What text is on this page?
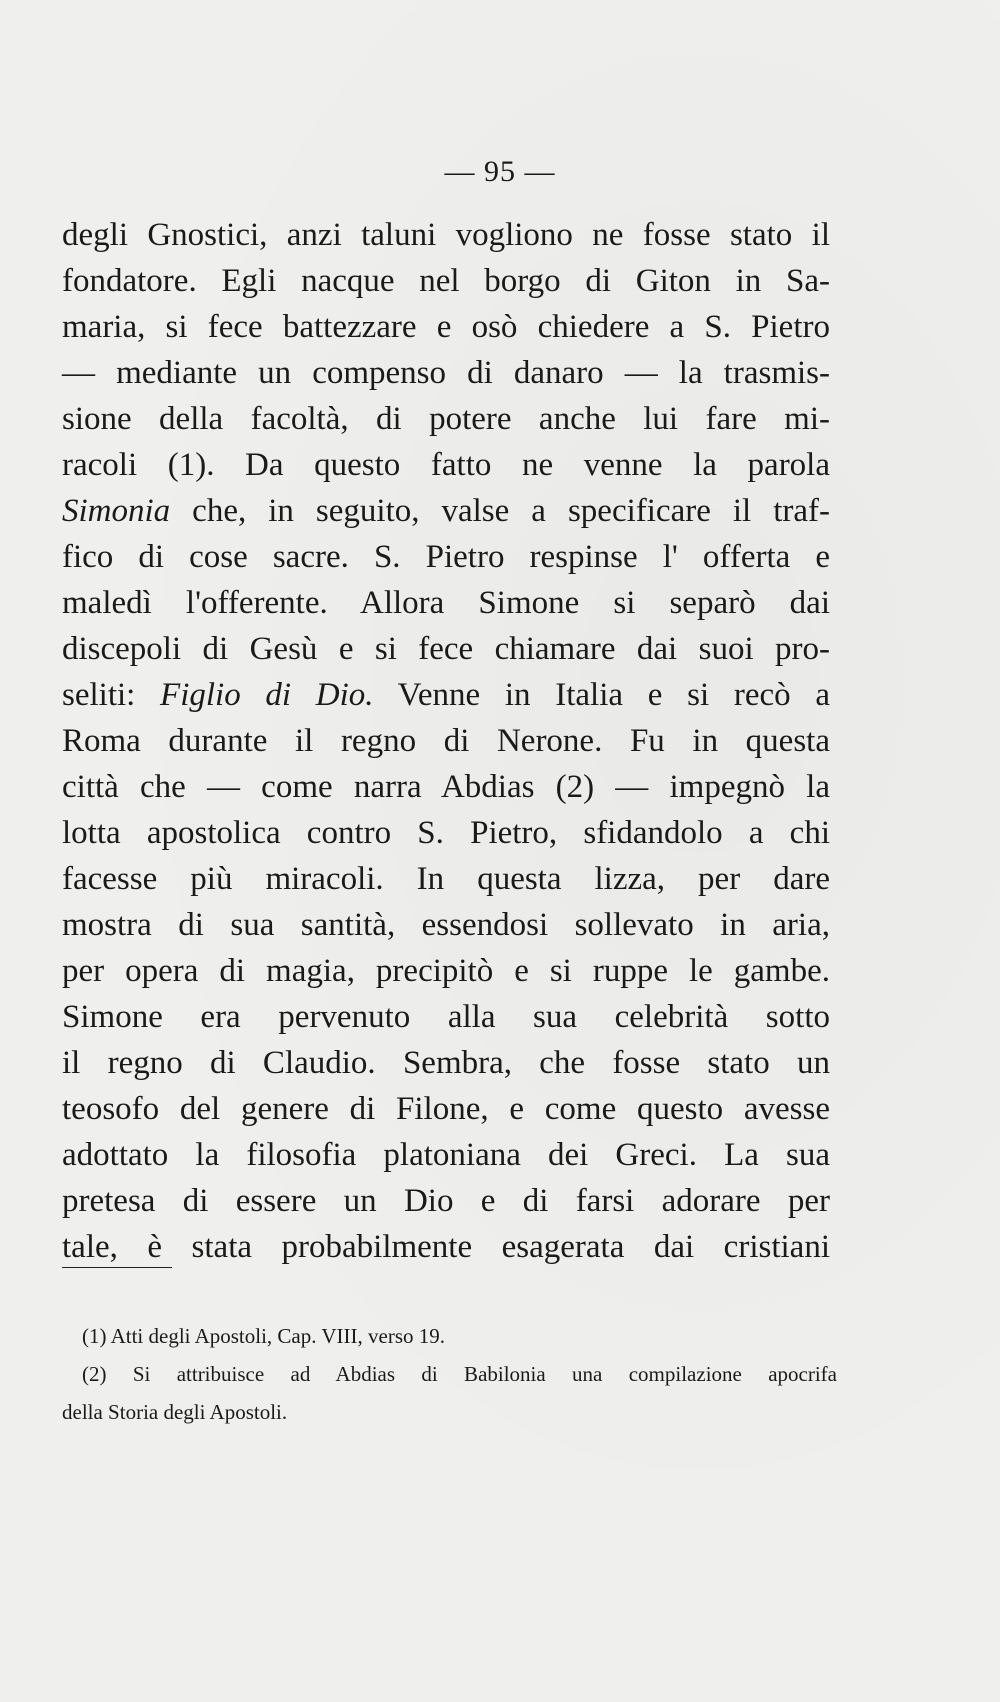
— 95 —
degli Gnostici, anzi taluni vogliono ne fosse stato il
fondatore. Egli nacque nel borgo di Giton in Sa-
maria, si fece battezzare e osò chiedere a S. Pietro
— mediante un compenso di danaro — la trasmis-
sione della facoltà, di potere anche lui fare mi-
racoli (1). Da questo fatto ne venne la parola
Simonia che, in seguito, valse a specificare il traf-
fico di cose sacre. S. Pietro respinse l' offerta e
maledì l'offerente. Allora Simone si separò dai
discepoli di Gesù e si fece chiamare dai suoi pro-
seliti: Figlio di Dio. Venne in Italia e si recò a
Roma durante il regno di Nerone. Fu in questa
città che — come narra Abdias (2) — impegnò la
lotta apostolica contro S. Pietro, sfidandolo a chi
facesse più miracoli. In questa lizza, per dare
mostra di sua santità, essendosi sollevato in aria,
per opera di magia, precipitò e si ruppe le gambe.
Simone era pervenuto alla sua celebrità sotto
il regno di Claudio. Sembra, che fosse stato un
teosofo del genere di Filone, e come questo avesse
adottato la filosofia platoniana dei Greci. La sua
pretesa di essere un Dio e di farsi adorare per
tale, è stata probabilmente esagerata dai cristiani
(1) Atti degli Apostoli, Cap. VIII, verso 19.
(2) Si attribuisce ad Abdias di Babilonia una compilazione apocrifa
della Storia degli Apostoli.
